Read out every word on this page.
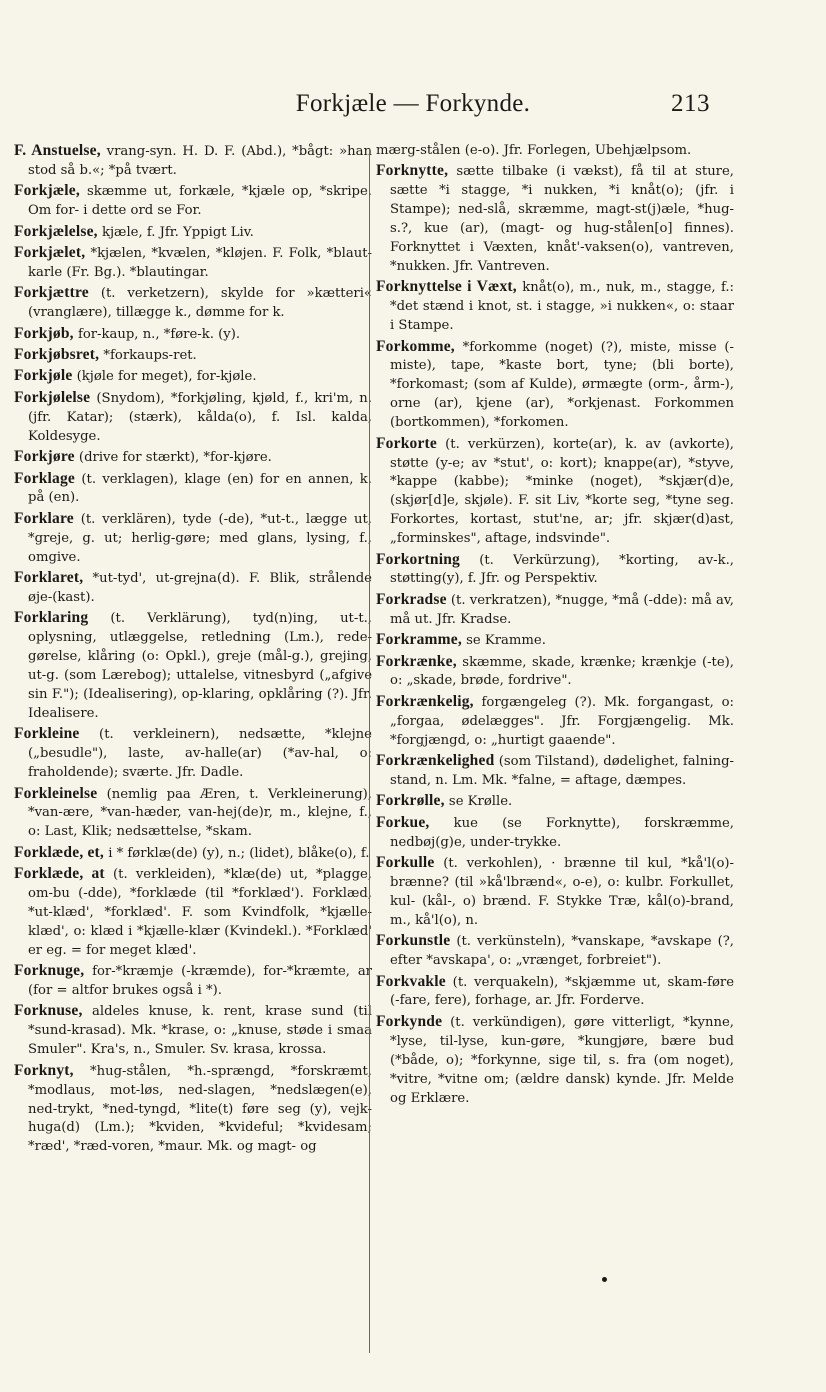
Forkjæle — Forkynde.	213

F. Anstuelse, vrang-syn. H. D. F. (Abd.), *bågt: »han stod så b.«; *på tvært.

Forkjæle, skæmme ut, forkæle, *kjæle op, *skripe. Om for- i dette ord se For.

Forkjælelse, kjæle, f. Jfr. Yppigt Liv.

Forkjælet, *kjælen, *kvælen, *kløjen. F. Folk, *blaut-karle (Fr. Bg.). *blautingar.

Forkjættre (t. verketzern), skylde for »kætteri« (vranglære), tillægge k., dømme for k.

Forkjøb, for-kaup, n., *føre-k. (y).

Forkjøbsret, *forkaups-ret.

Forkjøle (kjøle for meget), for-kjøle.

Forkjølelse (Snydom), *forkjøling, kjøld, f., kri'm, n. (jfr. Katar); (stærk), kålda(o), f. Isl. kalda, Koldesyge.

Forkjøre (drive for stærkt), *for-kjøre.

Forklage (t. verklagen), klage (en) for en annen, k. på (en).

Forklare (t. verklären), tyde (-de), *ut-t., lægge ut, *greje, g. ut; herlig-gøre; med glans, lysing, f., omgive.

Forklaret, *ut-tyd', ut-grejna(d). F. Blik, strålende øje-(kast).

Forklaring (t. Verklärung), tyd(n)ing, ut-t., oplysning, utlæggelse, retledning (Lm.), rede-gørelse, klåring (o: Opkl.), greje (mål-g.), grejing, ut-g. (som Lærebog); uttalelse, vitnesbyrd („afgive sin F."); (Idealisering), op-klaring, opklåring (?). Jfr. Idealisere.

Forkleine (t. verkleinern), nedsætte, *klejne („besudle"), laste, av-halle(ar) (*av-hal, o: fraholdende); sværte. Jfr. Dadle.

Forkleinelse (nemlig paa Æren, t. Verkleinerung), *van-ære, *van-hæder, van-hej(de)r, m., klejne, f., o: Last, Klik; nedsættelse, *skam.

Forklæde, et, i * førklæ(de) (y), n.; (lidet), blåke(o), f.

Forklæde, at (t. verkleiden), *klæ(de) ut, *plagge, om-bu (-dde), *forklæde (til *forklæd'). Forklæd, *ut-klæd', *forklæd'. F. som Kvindfolk, *kjælle-klæd', o: klæd i *kjælle-klær (Kvindekl.). *Forklæd' er eg. = for meget klæd'.

Forknuge, for-*kræmje (-kræmde), for-*kræmte, ar (for = altfor brukes også i *).

Forknuse, aldeles knuse, k. rent, krase sund (til *sund-krasad). Mk. *krase, o: „knuse, støde i smaa Smuler". Kra's, n., Smuler. Sv. krasa, krossa.

Forknyt, *hug-stålen, *h.-sprængd, *forskræmt, *modlaus, mot-løs, ned-slagen, *nedslægen(e), ned-trykt, *ned-tyngd, *lite(t) føre seg (y), vejk-huga(d) (Lm.); *kviden, *kvideful; *kvidesam; *ræd', *ræd-voren, *maur. Mk. og magt- og

mærg-stålen (e-o). Jfr. Forlegen, Ubehjælpsom.

Forknytte, sætte tilbake (i vækst), få til at sture, sætte *i stagge, *i nukken, *i knåt(o); (jfr. i Stampe); ned-slå, skræmme, magt-st(j)æle, *hug-s.?, kue (ar), (magt- og hug-stålen[o] finnes). Forknyttet i Væxten, knåt'-vaksen(o), vantreven, *nukken. Jfr. Vantreven.

Forknyttelse i Væxt, knåt(o), m., nuk, m., stagge, f.: *det stænd i knot, st. i stagge, »i nukken«, o: staar i Stampe.

Forkomme, *forkomme (noget) (?), miste, misse (-miste), tape, *kaste bort, tyne; (bli borte), *forkomast; (som af Kulde), ørmægte (orm-, årm-), orne (ar), kjene (ar), *orkjenast. Forkommen (bortkommen), *forkomen.

Forkorte (t. verkürzen), korte(ar), k. av (avkorte), støtte (y-e; av *stut', o: kort); knappe(ar), *styve, *kappe (kabbe); *minke (noget), *skjær(d)e, (skjør[d]e, skjøle). F. sit Liv, *korte seg, *tyne seg. Forkortes, kortast, stut'ne, ar; jfr. skjær(d)ast, „forminskes", aftage, indsvinde".

Forkortning (t. Verkürzung), *korting, av-k., støtting(y), f. Jfr. og Perspektiv.

Forkradse (t. verkratzen), *nugge, *må (-dde): må av, må ut. Jfr. Kradse.

Forkramme, se Kramme.

Forkrænke, skæmme, skade, krænke; krænkje (-te), o: „skade, brøde, fordrive".

Forkrænkelig, forgængeleg (?). Mk. forgangast, o: „forgaa, ødelægges". Jfr. Forgjængelig. Mk. *forgjængd, o: „hurtigt gaaende".

Forkrænkelighed (som Tilstand), dødelighet, falning-stand, n. Lm. Mk. *falne, = aftage, dæmpes.

Forkrølle, se Krølle.

Forkue, kue (se Forknytte), forskræmme, nedbøj(g)e, under-trykke.

Forkulle (t. verkohlen), · brænne til kul, *kå'l(o)-brænne? (til »kå'lbrænd«, o-e), o: kulbr. Forkullet, kul- (kål-, o) brænd. F. Stykke Træ, kål(o)-brand, m., kå'l(o), n.

Forkunstle (t. verkünsteln), *vanskape, *avskape (?, efter *avskapa', o: „vrænget, forbreiet").

Forkvakle (t. verquakeln), *skjæmme ut, skam-føre (-fare, fere), forhage, ar. Jfr. Forderve.

Forkynde (t. verkündigen), gøre vitterligt, *kynne, *lyse, til-lyse, kun-gøre, *kungjøre, bære bud (*både, o); *forkynne, sige til, s. fra (om noget), *vitre, *vitne om; (ældre dansk) kynde. Jfr. Melde og Erklære.
